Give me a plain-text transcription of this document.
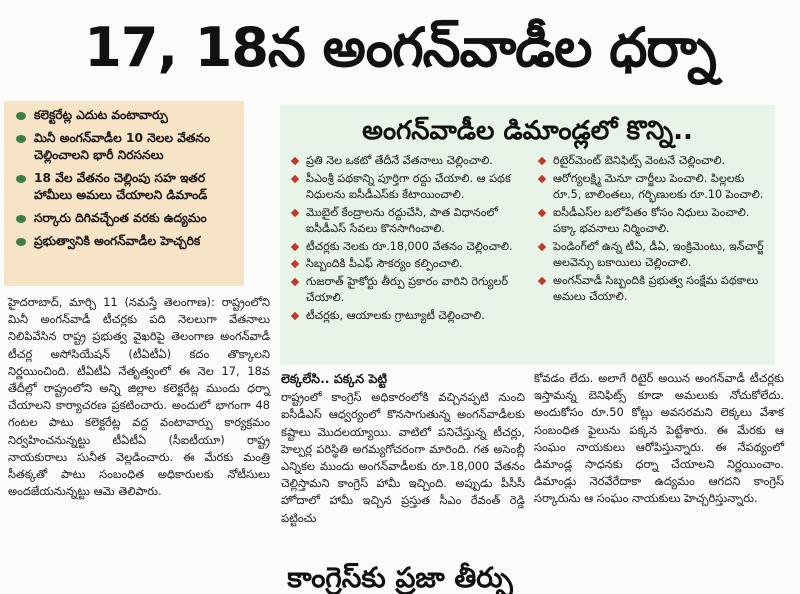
17, 18న అంగన్‌వాడీల ధర్నా
కలెక్టరేట్ల ఎదుట వంటావార్పు
మినీ అంగన్‌వాడీల 10 నెలల వేతనం చెల్లించాలని భారీ నిరసనలు
18 వేల వేతనం చెల్లింపు సహ ఇతర హామీలు అమలు చేయాలని డిమాండ్
సర్కారు దిగివచ్చేంత వరకు ఉద్యమం
ప్రభుత్వానికి అంగన్‌వాడీల హెచ్చరిక
అంగన్‌వాడీల డిమాండ్లలో కొన్ని..
ప్రతి నెల ఒకటో తేదీనే వేతనాలు చెల్లించాలి.
పీఎంశ్రీ పథకాన్ని పూర్తిగా రద్దు చేయాలి. ఆ పథక నిధులను ఐసీడీఎస్‌కు కేటాయించాలి.
మొబైల్ కేంద్రాలను రద్దుచేసి, పాత విధానంలో ఐసీడీఎస్ సేవలు కొనసాగించాలి.
టీచర్లకు నెలకు రూ.18,000 వేతనం చెల్లించాలి.
సిబ్బందికి పీఎఫ్ సౌకర్యం కల్పించాలి.
గుజరాత్ హైకోర్టు తీర్పు ప్రకారం వారిని రెగ్యులర్ చేయాలి.
టీచర్లకు, ఆయాలకు గ్రాట్యూటీ చెల్లించాలి.
రిటైర్‌మెంట్ బెనిఫిట్స్ వెంటనే చెల్లించాలి.
ఆరోగ్యలక్ష్మి మెనూ చార్జీలు పెంచాలి. పిల్లలకు రూ.5, బాలింతలు, గర్భిణులకు రూ.10 పెంచాలి.
ఐసీడీఎస్‌ల బలోపేతం కోసం నిధులు పెంచాలి. పక్కా భవనాలు నిర్మించాలి.
పెండింగ్‌లో ఉన్న టీఏ, డీఏ, ఇంక్రిమెంటు, ఇన్‌చార్జ్ అలవెన్సు బకాయిలు చెల్లించాలి.
అంగన్‌వాడీ సిబ్బందికి ప్రభుత్వ సంక్షేమ పథకాలు అమలు చేయాలి.
హైదరాబాద్, మార్చి 11 (నమస్తే తెలంగాణ): రాష్ట్రంలోని మినీ అంగన్‌వాడీ టీచర్లకు పది నెలలుగా వేతనాలు నిలిపివేసిన రాష్ట్ర ప్రభుత్వ వైఖరిపై తెలంగాణ అంగన్‌వాడీ టీచర్ల అసోసియేషన్ (టీఏటీఏ) కదం తొక్కాలని నిర్ణయించింది. టీఏటీఏ నేతృత్వంలో ఈ నెల 17, 18వ తేదీల్లో రాష్ట్రంలోని అన్ని జిల్లాల కలెక్టరేట్ల ముందు ధర్నా చేయాలని కార్యాచరణ ప్రకటించారు. అందులో భాగంగా 48 గంటల పాటు కలెక్టరేట్ల వద్ద వంటావార్పు కార్యక్రమం నిర్వహించనున్నట్టు టీఏటీఏ (సీఐటీయూ) రాష్ట్ర నాయకురాలు సునీత వెల్లడించారు. ఈ మేరకు మంత్రి సీతక్కతో పాటు సంబంధిత అధికారులకు నోటీసులు అందజేయనున్నట్టు ఆమె తెలిపారు.
లెక్కలేసి.. పక్కన పెట్టి
రాష్ట్రంలో కాంగ్రెస్ అధికారంలోకి వచ్చినప్పటి నుంచి ఐసీడీఎస్ ఆధ్వర్యంలో కొనసాగుతున్న అంగన్‌వాడీలకు కష్టాలు మొదలయ్యాయి. వాటిలో పనిచేస్తున్న టీచర్లు, హెల్పర్ల పరిస్థితి అగమ్యగోచరంగా మారింది. గత అసెంబ్లీ ఎన్నికల ముందు అంగన్‌వాడీలకు రూ.18,000 వేతనం చెల్లిస్తామని కాంగ్రెస్ హామీ ఇచ్చింది. అప్పుడు పీసీసీ హోదాలో హామీ ఇచ్చిన ప్రస్తుత సీఎం రేవంత్ రెడ్డి పట్టించు
కోవడం లేదు. అలాగే రిటైర్ అయిన అంగన్‌వాడీ టీచర్లకు ఇస్తామన్న బెనిఫిట్స్ కూడా అమలుకు నోచుకోలేదు. అందుకోసం రూ.50 కోట్లు అవసరమని లెక్కలు వేశాక సంబంధిత ఫైలును పక్కన పెట్టేశారు. ఈ మేరకు ఆ సంఘం నాయకులు ఆరోపిస్తున్నారు. ఈ నేపథ్యంలో డిమాండ్ల సాధనకు ధర్నా చేయాలని నిర్ణయించాం. డిమాండ్లు నెరవేరేదాకా ఉద్యమం ఆగదని కాంగ్రెస్ సర్కారును ఆ సంఘం నాయకులు హెచ్చరిస్తున్నారు.
కాంగ్రెస్‌కు ప్రజా తీర్పు
